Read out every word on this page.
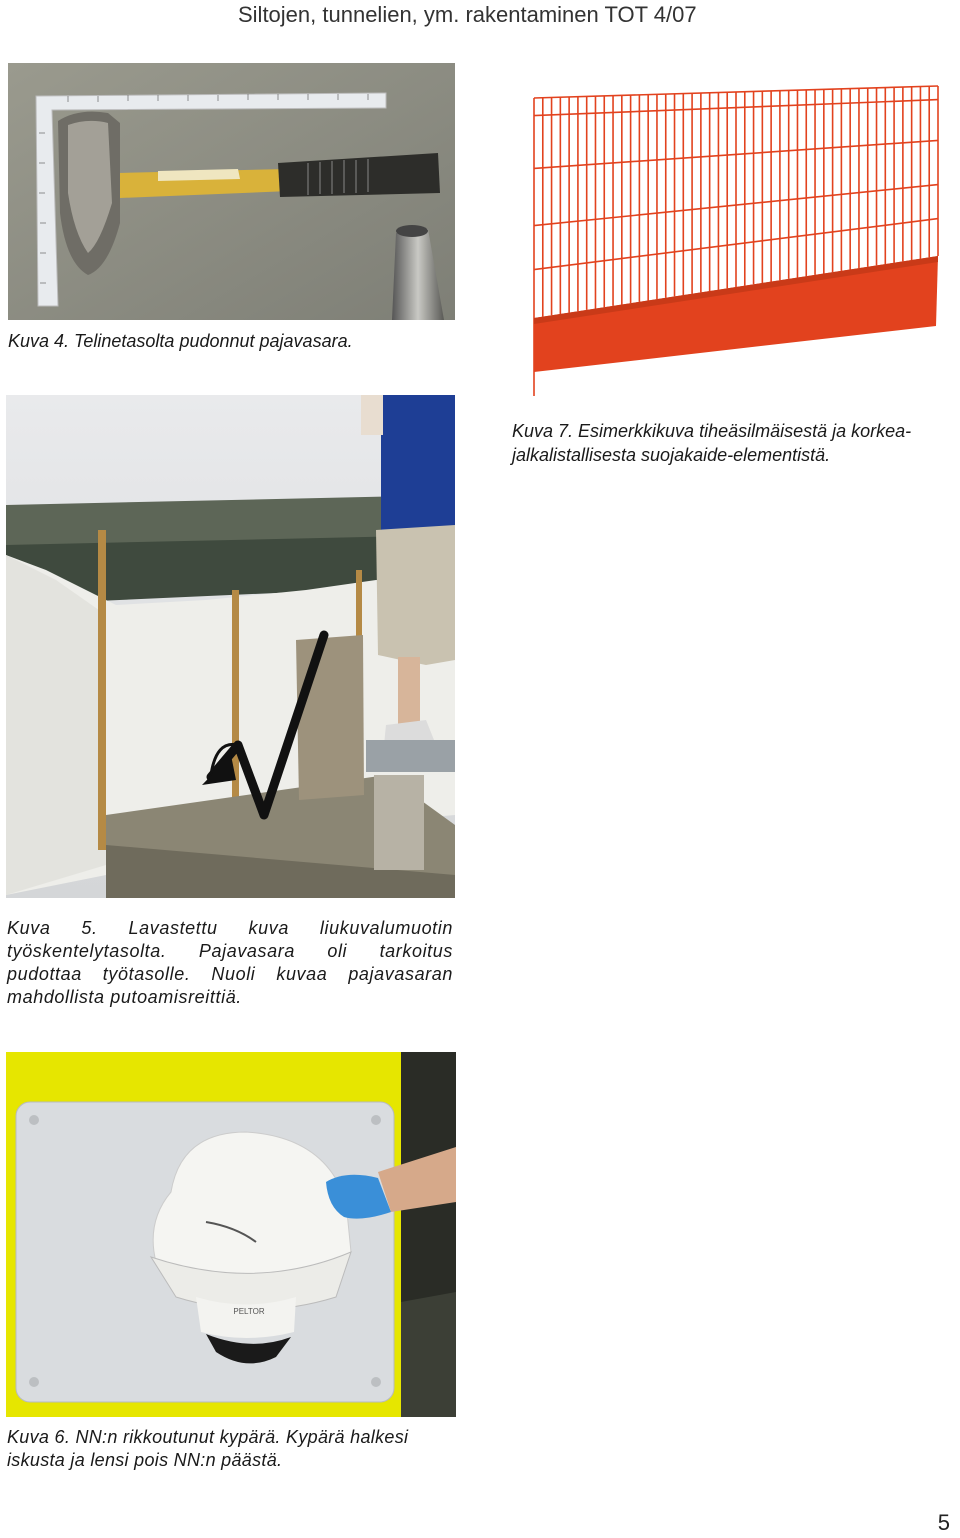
Siltojen, tunnelien, ym. rakentaminen TOT 4/07
Kuva 4. Telinetasolta pudonnut pajavasara.
Kuva 7. Esimerkkikuva tiheäsilmäisestä ja korkea-
jalkalistallisesta suojakaide-elementistä.
Kuva 5. Lavastettu kuva liukuvalumuotin työskentelytasolta. Pajavasara oli tarkoitus pudottaa työtasolle. Nuoli kuvaa pajavasaran mahdollista putoamisreittiä.
PELTOR
Kuva 6. NN:n rikkoutunut kypärä. Kypärä halkesi
iskusta ja lensi pois NN:n päästä.
5
